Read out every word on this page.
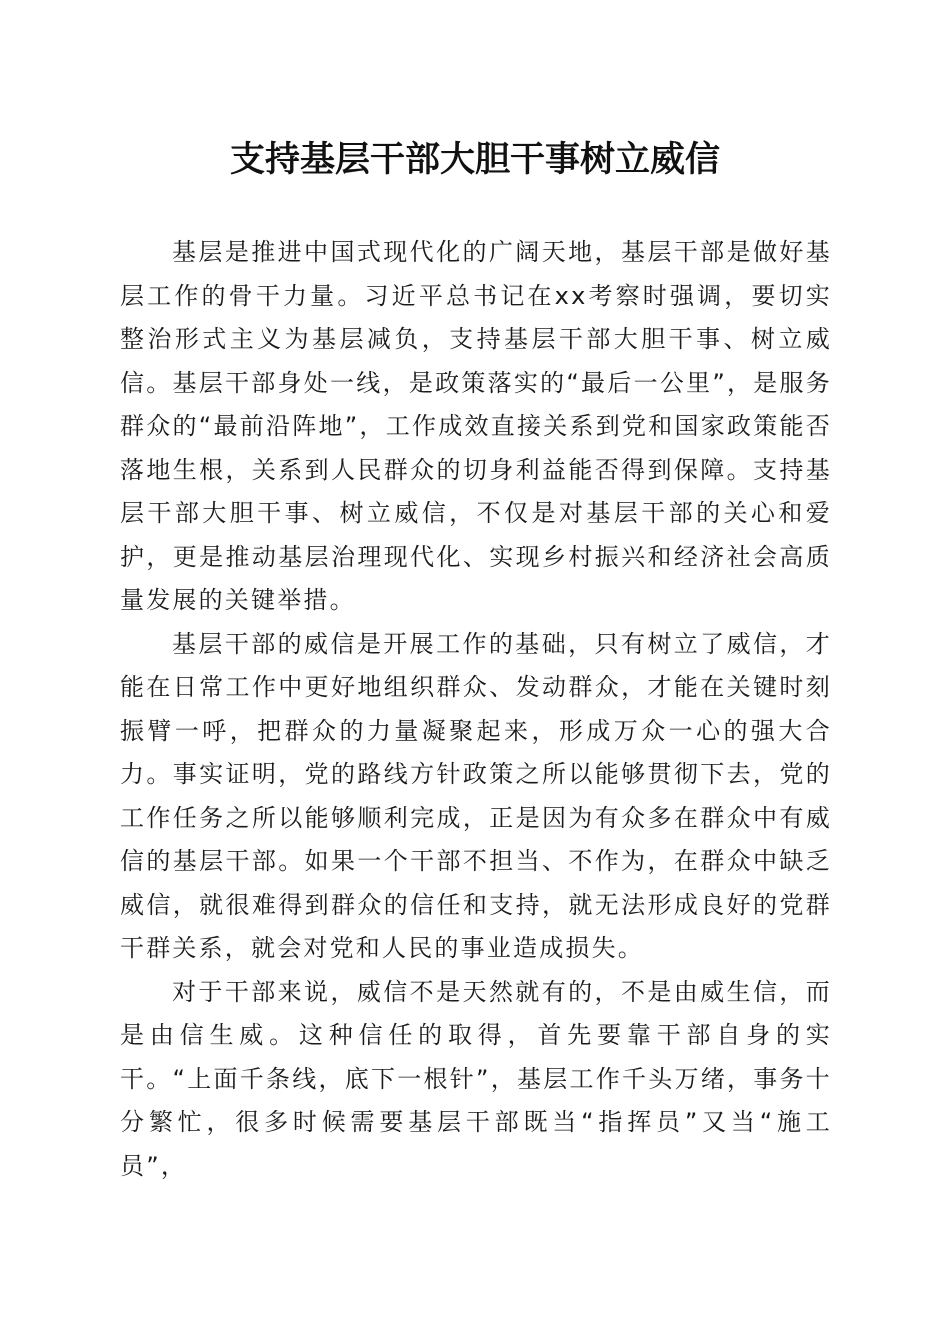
支持基层干部大胆干事树立威信

基层是推进中国式现代化的广阔天地，基层干部是做好基层工作的骨干力量。习近平总书记在xx考察时强调，要切实整治形式主义为基层减负，支持基层干部大胆干事、树立威信。基层干部身处一线，是政策落实的“最后一公里”，是服务群众的“最前沿阵地”，工作成效直接关系到党和国家政策能否落地生根，关系到人民群众的切身利益能否得到保障。支持基层干部大胆干事、树立威信，不仅是对基层干部的关心和爱护，更是推动基层治理现代化、实现乡村振兴和经济社会高质量发展的关键举措。

基层干部的威信是开展工作的基础，只有树立了威信，才能在日常工作中更好地组织群众、发动群众，才能在关键时刻振臂一呼，把群众的力量凝聚起来，形成万众一心的强大合力。事实证明，党的路线方针政策之所以能够贯彻下去，党的工作任务之所以能够顺利完成，正是因为有众多在群众中有威信的基层干部。如果一个干部不担当、不作为，在群众中缺乏威信，就很难得到群众的信任和支持，就无法形成良好的党群干群关系，就会对党和人民的事业造成损失。

对于干部来说，威信不是天然就有的，不是由威生信，而是由信生威。这种信任的取得，首先要靠干部自身的实干。“上面千条线，底下一根针”，基层工作千头万绪，事务十分繁忙，很多时候需要基层干部既当“指挥员”又当“施工员”，
